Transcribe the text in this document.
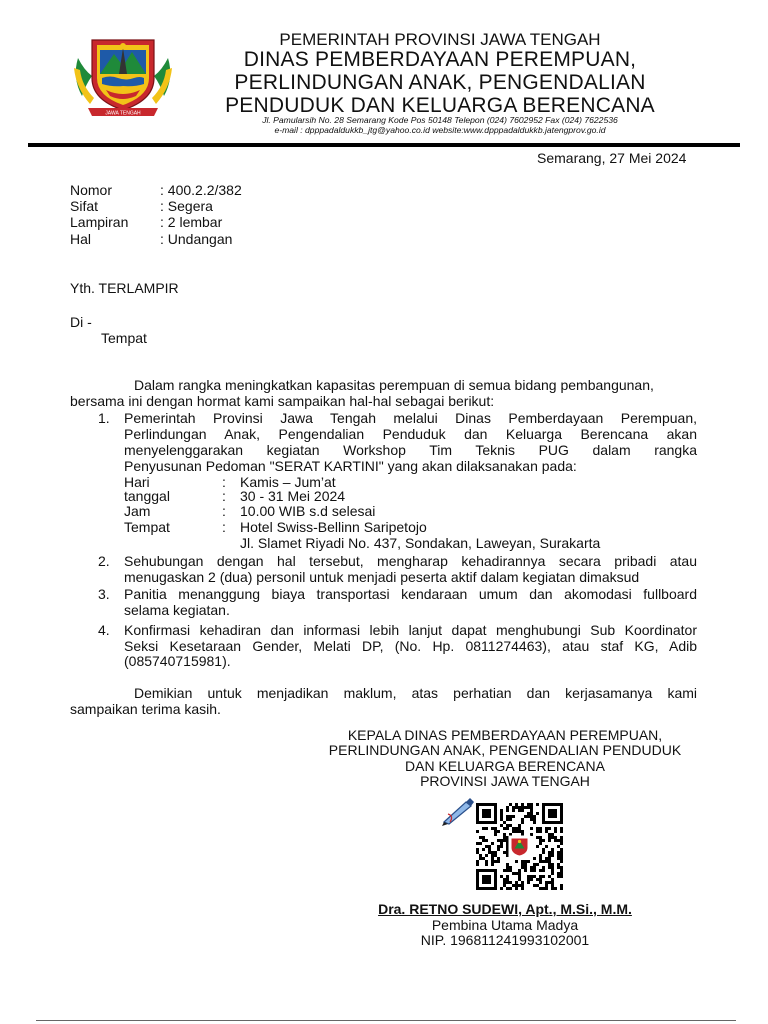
JAWA TENGAH
PEMERINTAH PROVINSI JAWA TENGAH
DINAS PEMBERDAYAAN PEREMPUAN,
PERLINDUNGAN ANAK, PENGENDALIAN
PENDUDUK DAN KELUARGA BERENCANA
Jl. Pamularsih No. 28 Semarang Kode Pos 50148 Telepon (024) 7602952 Fax (024) 7622536
e-mail : dpppadaldukkb_jtg@yahoo.co.id website:www.dpppadaldukkb.jatengprov.go.id
Semarang, 27 Mei 2024
Nomor	: 400.2.2/382
Sifat	: Segera
Lampiran : 2 lembar
Hal	: Undangan
Yth. TERLAMPIR
Di -
Tempat
Dalam rangka meningkatkan kapasitas perempuan di semua bidang pembangunan,
bersama ini dengan hormat kami sampaikan hal-hal sebagai berikut:
1. Pemerintah Provinsi Jawa Tengah melalui Dinas Pemberdayaan Perempuan,
Perlindungan Anak, Pengendalian Penduduk dan Keluarga Berencana akan
menyelenggarakan kegiatan Workshop Tim Teknis PUG dalam rangka
Penyusunan Pedoman "SERAT KARTINI" yang akan dilaksanakan pada:
Hari	: Kamis – Jum’at
tanggal	: 30 - 31 Mei 2024
Jam	: 10.00 WIB s.d selesai
Tempat	: Hotel Swiss-Bellinn Saripetojo
Jl. Slamet Riyadi No. 437, Sondakan, Laweyan, Surakarta
2. Sehubungan dengan hal tersebut, mengharap kehadirannya secara pribadi atau
menugaskan 2 (dua) personil untuk menjadi peserta aktif dalam kegiatan dimaksud
3. Panitia menanggung biaya transportasi kendaraan umum dan akomodasi fullboard
selama kegiatan.
4. Konfirmasi kehadiran dan informasi lebih lanjut dapat menghubungi Sub Koordinator
Seksi Kesetaraan Gender, Melati DP, (No. Hp. 0811274463), atau staf KG, Adib
(085740715981).
Demikian untuk menjadikan maklum, atas perhatian dan kerjasamanya kami
sampaikan terima kasih.
KEPALA DINAS PEMBERDAYAAN PEREMPUAN,
PERLINDUNGAN ANAK, PENGENDALIAN PENDUDUK
DAN KELUARGA BERENCANA
PROVINSI JAWA TENGAH
Dra. RETNO SUDEWI, Apt., M.Si., M.M.
Pembina Utama Madya
NIP. 196811241993102001
